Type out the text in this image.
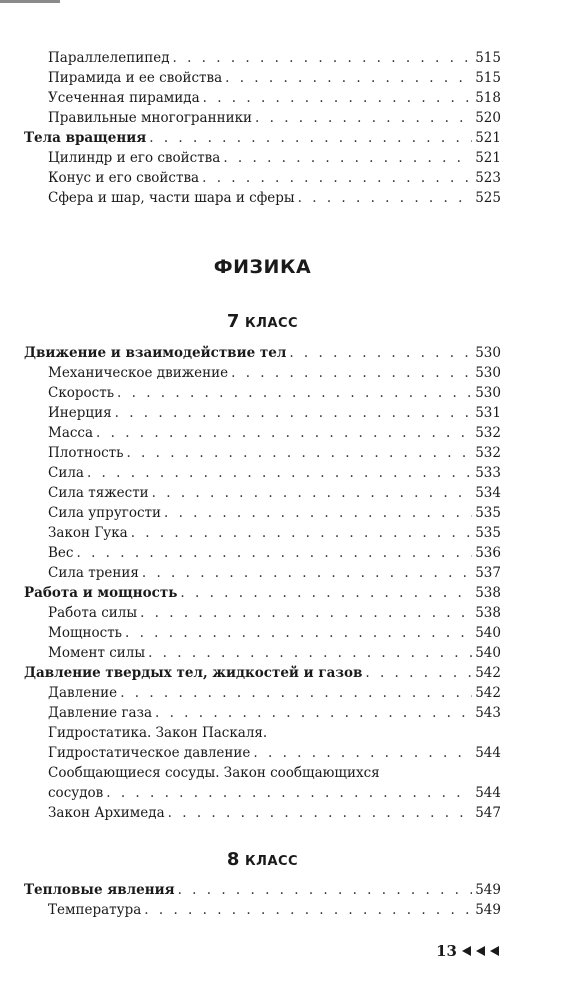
Параллелепипед . . .	515
Пирамида и ее свойства . . .	515
Усеченная пирамида . . .	518
Правильные многогранники . . .	520
Тела вращения . . .	521
Цилиндр и его свойства . . .	521
Конус и его свойства . . .	523
Сфера и шар, части шара и сферы . . .	525
ФИЗИКА
7 КЛАСС
Движение и взаимодействие тел . . .	530
Механическое движение . . .	530
Скорость . . .	530
Инерция . . .	531
Масса . . .	532
Плотность . . .	532
Сила . . .	533
Сила тяжести . . .	534
Сила упругости . . .	535
Закон Гука . . .	535
Вес . . .	536
Сила трения . . .	537
Работа и мощность . . .	538
Работа силы . . .	538
Мощность . . .	540
Момент силы . . .	540
Давление твердых тел, жидкостей и газов . . .	542
Давление . . .	542
Давление газа . . .	543
Гидростатика. Закон Паскаля.
Гидростатическое давление . . .	544
Сообщающиеся сосуды. Закон сообщающихся
сосудов . . .	544
Закон Архимеда . . .	547
8 КЛАСС
Тепловые явления . . .	549
Температура . . .	549
13
